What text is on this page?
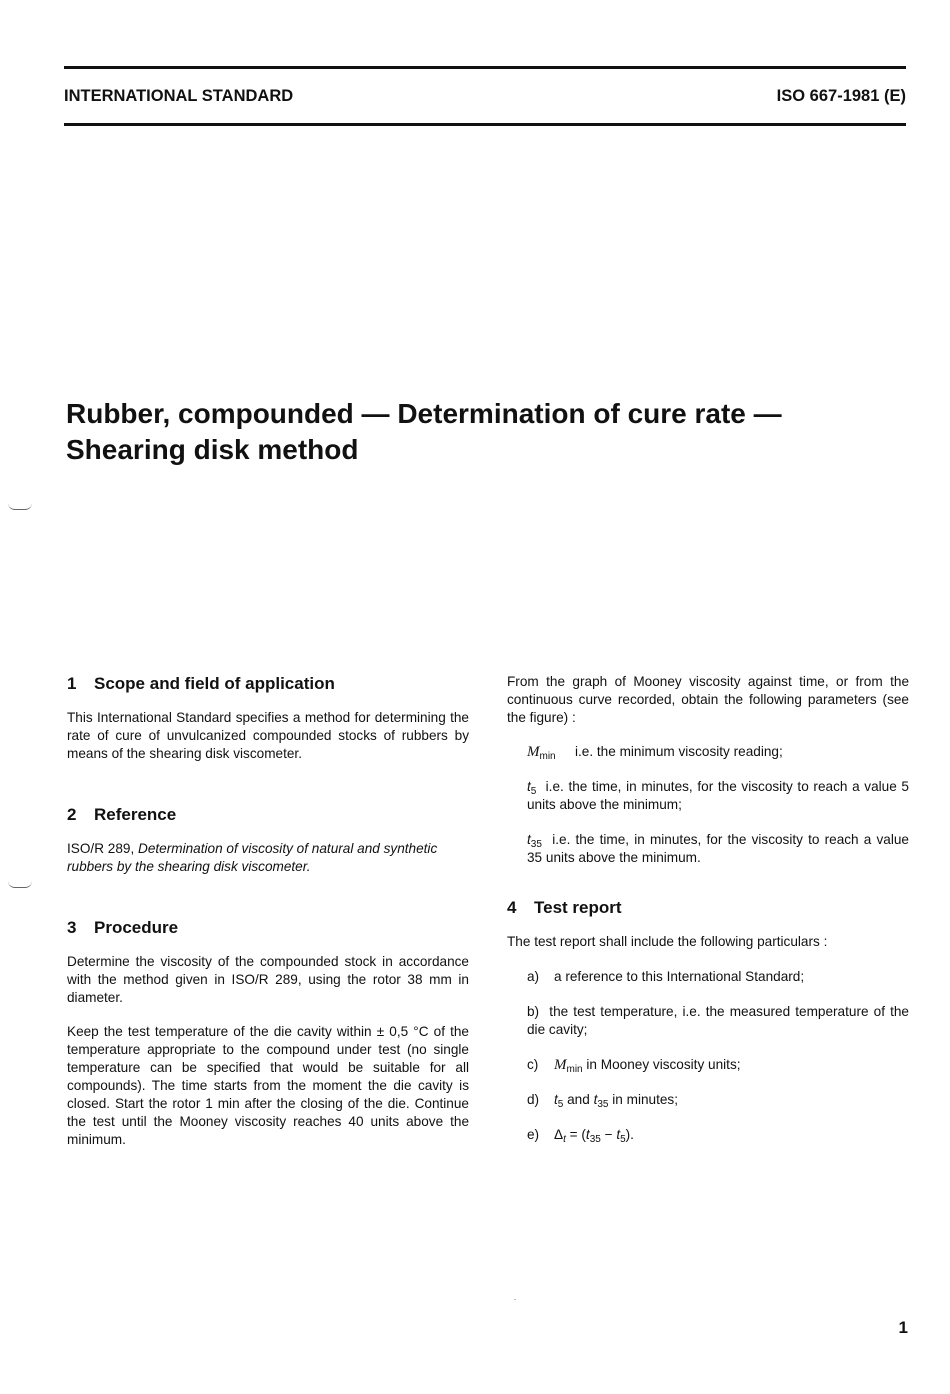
INTERNATIONAL STANDARD	ISO 667-1981 (E)
Rubber, compounded — Determination of cure rate —
Shearing disk method
1 Scope and field of application

This International Standard specifies a method for determining the rate of cure of unvulcanized compounded stocks of rubbers by means of the shearing disk viscometer.

2 Reference

ISO/R 289, Determination of viscosity of natural and synthetic rubbers by the shearing disk viscometer.

3 Procedure

Determine the viscosity of the compounded stock in accordance with the method given in ISO/R 289, using the rotor 38 mm in diameter.

Keep the test temperature of the die cavity within ± 0,5 °C of the temperature appropriate to the compound under test (no single temperature can be specified that would be suitable for all compounds). The time starts from the moment the die cavity is closed. Start the rotor 1 min after the closing of the die. Continue the test until the Mooney viscosity reaches 40 units above the minimum.

From the graph of Mooney viscosity against time, or from the continuous curve recorded, obtain the following parameters (see the figure) :

$M_{min}$	i.e. the minimum viscosity reading;

$t_5$ i.e. the time, in minutes, for the viscosity to reach a value 5 units above the minimum;

$t_{35}$ i.e. the time, in minutes, for the viscosity to reach a value 35 units above the minimum.

4 Test report

The test report shall include the following particulars :

a)	a reference to this International Standard;

b) the test temperature, i.e. the measured temperature of the die cavity;

c)	$M_{min}$ in Mooney viscosity units;
d)	$t_5$ and $t_{35}$ in minutes;
e)	$\Delta_t = (t_{35} - t_5)$.
1
